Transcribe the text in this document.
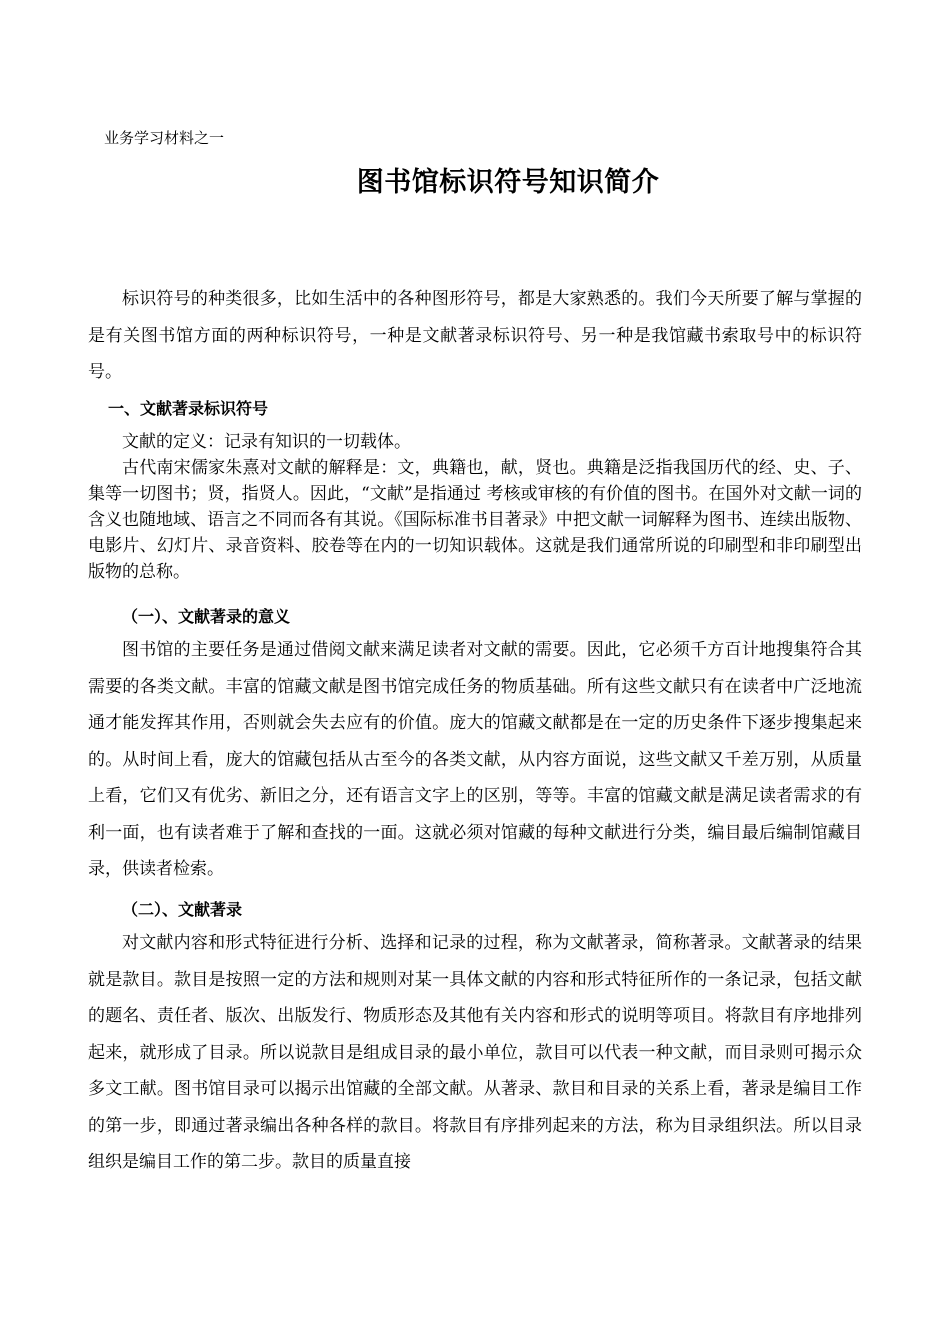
业务学习材料之一
图书馆标识符号知识简介

标识符号的种类很多，比如生活中的各种图形符号，都是大家熟悉的。我们今天所要了解与掌握的是有关图书馆方面的两种标识符号，一种是文献著录标识符号、另一种是我馆藏书索取号中的标识符号。

一、文献著录标识符号

文献的定义：记录有知识的一切载体。

古代南宋儒家朱熹对文献的解释是：文，典籍也，献，贤也。典籍是泛指我国历代的经、史、子、集等一切图书；贤，指贤人。因此，“文献”是指通过 考核或审核的有价值的图书。在国外对文献一词的含义也随地域、语言之不同而各有其说。《国际标准书目著录》中把文献一词解释为图书、连续出版物、电影片、幻灯片、录音资料、胶卷等在内的一切知识载体。这就是我们通常所说的印刷型和非印刷型出版物的总称。

（一）、文献著录的意义

图书馆的主要任务是通过借阅文献来满足读者对文献的需要。因此，它必须千方百计地搜集符合其需要的各类文献。丰富的馆藏文献是图书馆完成任务的物质基础。所有这些文献只有在读者中广泛地流通才能发挥其作用，否则就会失去应有的价值。庞大的馆藏文献都是在一定的历史条件下逐步搜集起来的。从时间上看，庞大的馆藏包括从古至今的各类文献，从内容方面说，这些文献又千差万别，从质量上看，它们又有优劣、新旧之分，还有语言文字上的区别，等等。丰富的馆藏文献是满足读者需求的有利一面，也有读者难于了解和查找的一面。这就必须对馆藏的每种文献进行分类，编目最后编制馆藏目录，供读者检索。

（二）、文献著录

对文献内容和形式特征进行分析、选择和记录的过程，称为文献著录，简称著录。文献著录的结果就是款目。款目是按照一定的方法和规则对某一具体文献的内容和形式特征所作的一条记录，包括文献的题名、责任者、版次、出版发行、物质形态及其他有关内容和形式的说明等项目。将款目有序地排列起来，就形成了目录。所以说款目是组成目录的最小单位，款目可以代表一种文献，而目录则可揭示众多文工献。图书馆目录可以揭示出馆藏的全部文献。从著录、款目和目录的关系上看，著录是编目工作的第一步，即通过著录编出各种各样的款目。将款目有序排列起来的方法，称为目录组织法。所以目录组织是编目工作的第二步。款目的质量直接
